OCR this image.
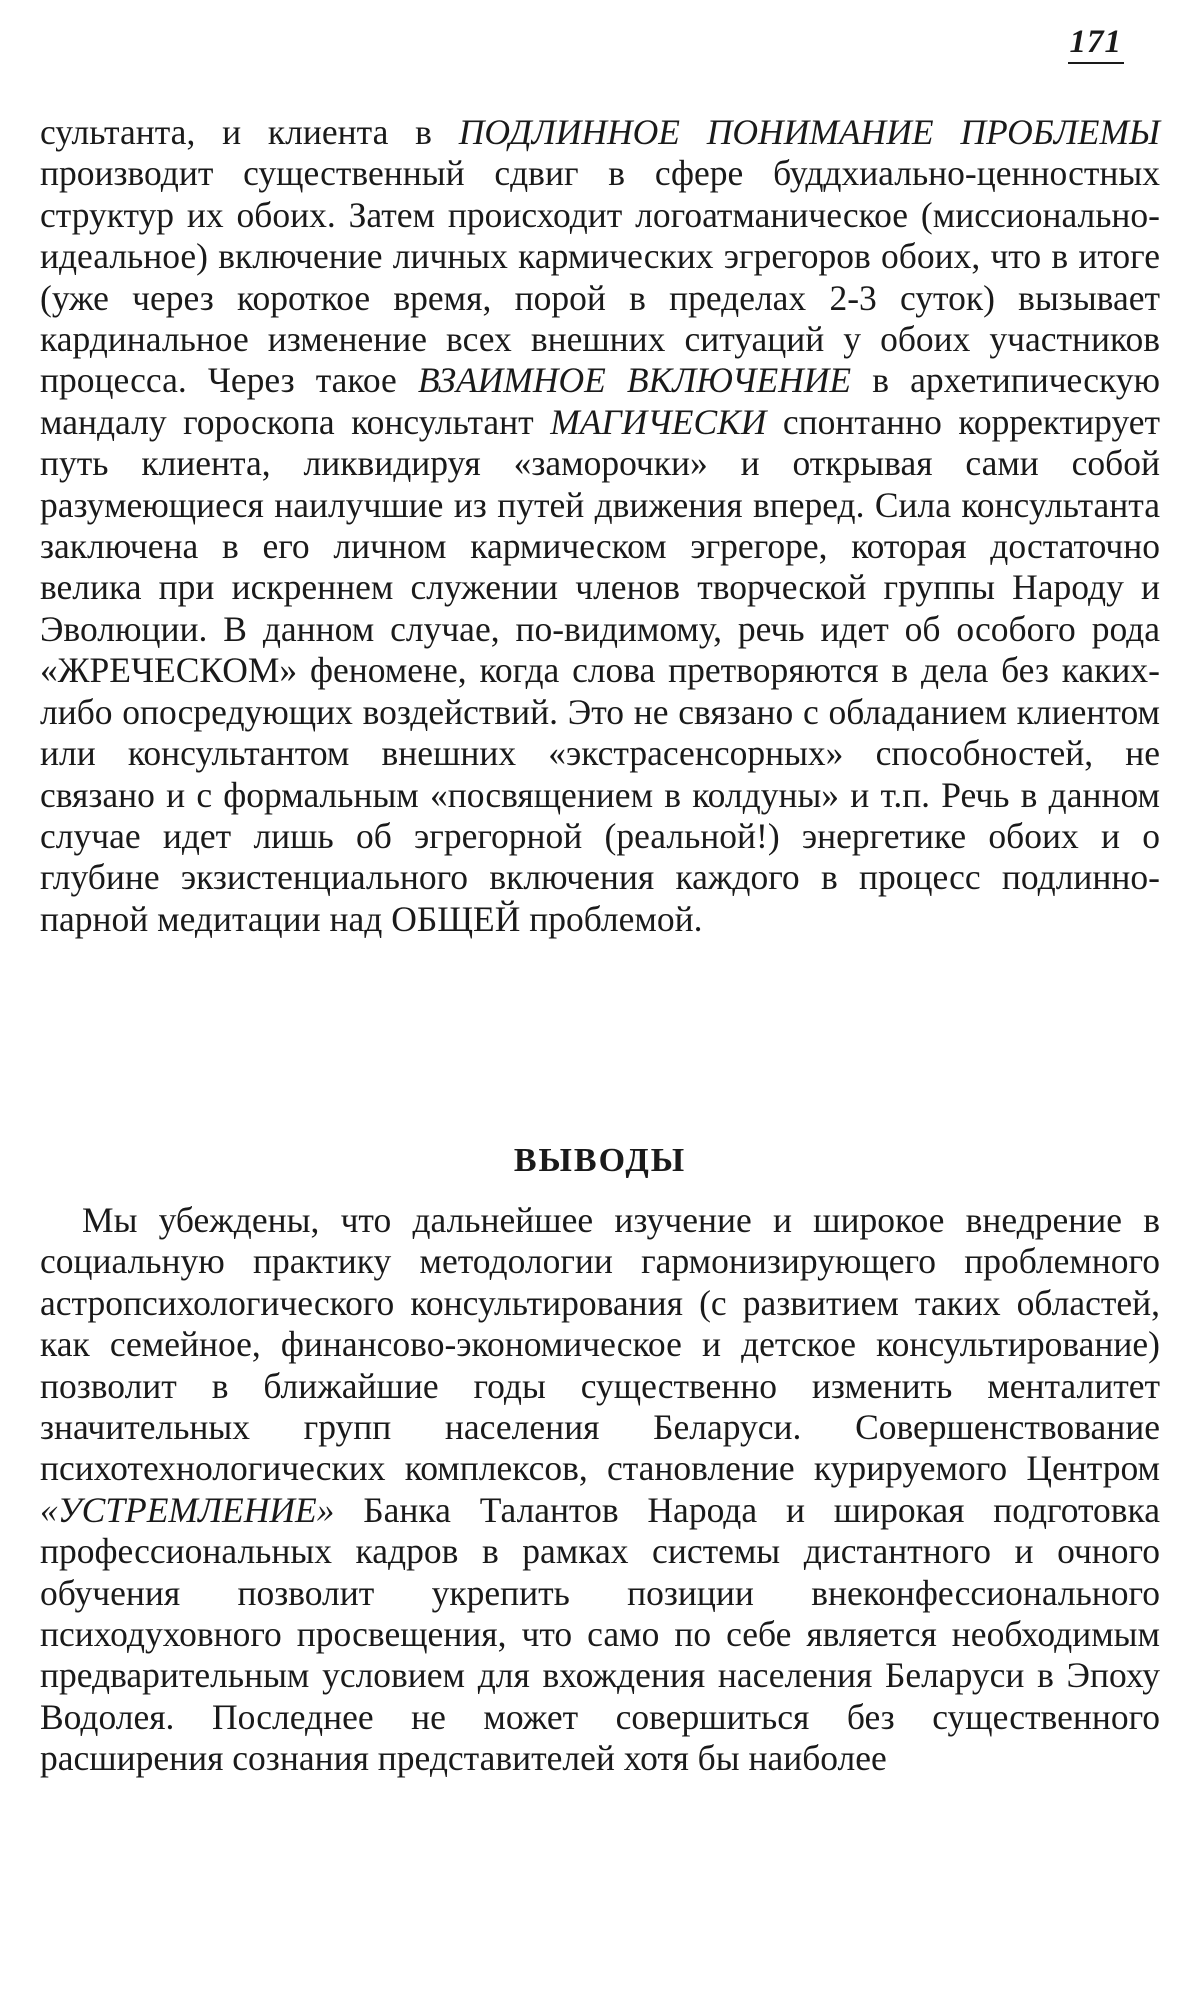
171

сультанта, и клиента в ПОДЛИННОЕ ПОНИМАНИЕ ПРОБЛЕМЫ производит существенный сдвиг в сфере буддхиально-ценностных структур их обоих. Затем происходит логоатманическое (миссионально-идеальное) включение личных кармических эгрегоров обоих, что в итоге (уже через короткое время, порой в пределах 2-3 суток) вызывает кардинальное изменение всех внешних ситуаций у обоих участников процесса. Через такое ВЗАИМНОЕ ВКЛЮЧЕНИЕ в архетипическую мандалу гороскопа консультант МАГИЧЕСКИ спонтанно корректирует путь клиента, ликвидируя «заморочки» и открывая сами собой разумеющиеся наилучшие из путей движения вперед. Сила консультанта заключена в его личном кармическом эгрегоре, которая достаточно велика при искреннем служении членов творческой группы Народу и Эволюции. В данном случае, по-видимому, речь идет об особого рода «ЖРЕЧЕСКОМ» феномене, когда слова претворяются в дела без каких-либо опосредующих воздействий. Это не связано с обладанием клиентом или консультантом внешних «экстрасенсорных» способностей, не связано и с формальным «посвящением в колдуны» и т.п. Речь в данном случае идет лишь об эгрегорной (реальной!) энергетике обоих и о глубине экзистенциального включения каждого в процесс подлинно-парной медитации над ОБЩЕЙ проблемой.

ВЫВОДЫ

Мы убеждены, что дальнейшее изучение и широкое внедрение в социальную практику методологии гармонизирующего проблемного астропсихологического консультирования (с развитием таких областей, как семейное, финансово-экономическое и детское консультирование) позволит в ближайшие годы существенно изменить менталитет значительных групп населения Беларуси. Совершенствование психотехнологических комплексов, становление курируемого Центром «УСТРЕМЛЕНИЕ» Банка Талантов Народа и широкая подготовка профессиональных кадров в рамках системы дистантного и очного обучения позволит укрепить позиции внеконфессионального психодуховного просвещения, что само по себе является необходимым предварительным условием для вхождения населения Беларуси в Эпоху Водолея. Последнее не может совершиться без существенного расширения сознания представителей хотя бы наиболее
